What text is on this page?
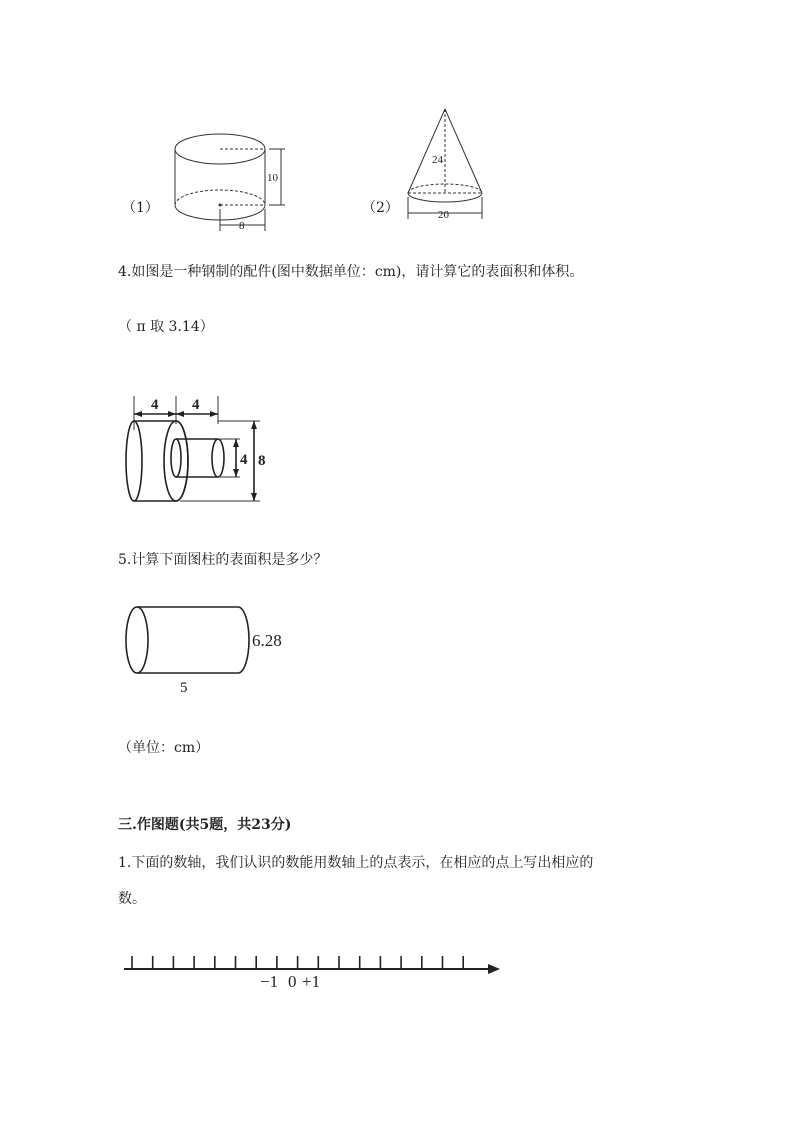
（1）
10
8
（2）
24
20
4.如图是一种钢制的配件(图中数据单位：cm)，请计算它的表面积和体积。
（ π 取 3.14）
4 4
4 8
5.计算下面图柱的表面积是多少？
6.28
5
（单位：cm）
三.作图题(共5题，共23分)
1.下面的数轴，我们认识的数能用数轴上的点表示，在相应的点上写出相应的
数。
−1 0 +1
